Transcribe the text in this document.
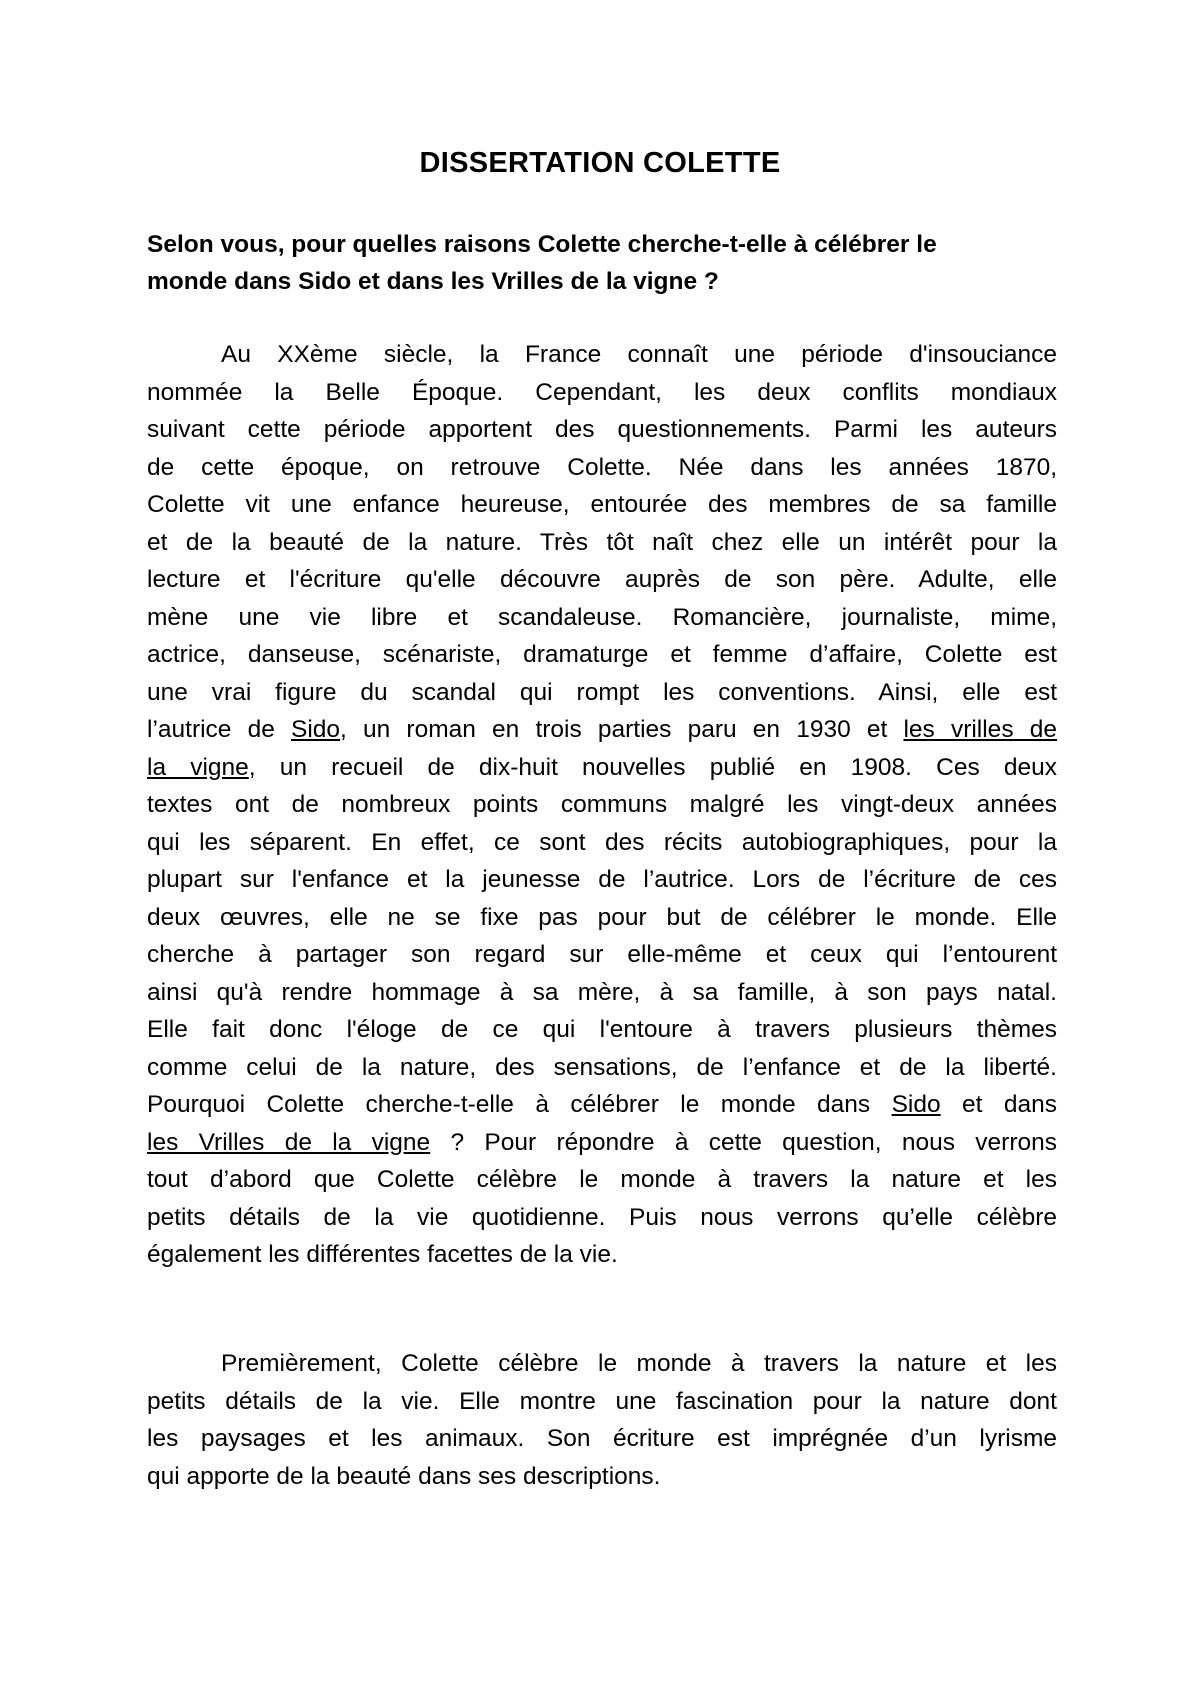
DISSERTATION COLETTE
Selon vous, pour quelles raisons Colette cherche-t-elle à célébrer le
monde dans Sido et dans les Vrilles de la vigne ?
Au XXème siècle, la France connaît une période d'insouciance
nommée la Belle Époque. Cependant, les deux conflits mondiaux
suivant cette période apportent des questionnements. Parmi les auteurs
de cette époque, on retrouve Colette. Née dans les années 1870,
Colette vit une enfance heureuse, entourée des membres de sa famille
et de la beauté de la nature. Très tôt naît chez elle un intérêt pour la
lecture et l'écriture qu'elle découvre auprès de son père. Adulte, elle
mène une vie libre et scandaleuse. Romancière, journaliste, mime,
actrice, danseuse, scénariste, dramaturge et femme d’affaire, Colette est
une vrai figure du scandal qui rompt les conventions. Ainsi, elle est
l’autrice de Sido, un roman en trois parties paru en 1930 et les vrilles de
la vigne, un recueil de dix-huit nouvelles publié en 1908. Ces deux
textes ont de nombreux points communs malgré les vingt-deux années
qui les séparent. En effet, ce sont des récits autobiographiques, pour la
plupart sur l'enfance et la jeunesse de l’autrice. Lors de l’écriture de ces
deux œuvres, elle ne se fixe pas pour but de célébrer le monde. Elle
cherche à partager son regard sur elle-même et ceux qui l’entourent
ainsi qu'à rendre hommage à sa mère, à sa famille, à son pays natal.
Elle fait donc l'éloge de ce qui l'entoure à travers plusieurs thèmes
comme celui de la nature, des sensations, de l’enfance et de la liberté.
Pourquoi Colette cherche-t-elle à célébrer le monde dans Sido et dans
les Vrilles de la vigne ? Pour répondre à cette question, nous verrons
tout d’abord que Colette célèbre le monde à travers la nature et les
petits détails de la vie quotidienne. Puis nous verrons qu’elle célèbre
également les différentes facettes de la vie.
Premièrement, Colette célèbre le monde à travers la nature et les
petits détails de la vie. Elle montre une fascination pour la nature dont
les paysages et les animaux. Son écriture est imprégnée d’un lyrisme
qui apporte de la beauté dans ses descriptions.
